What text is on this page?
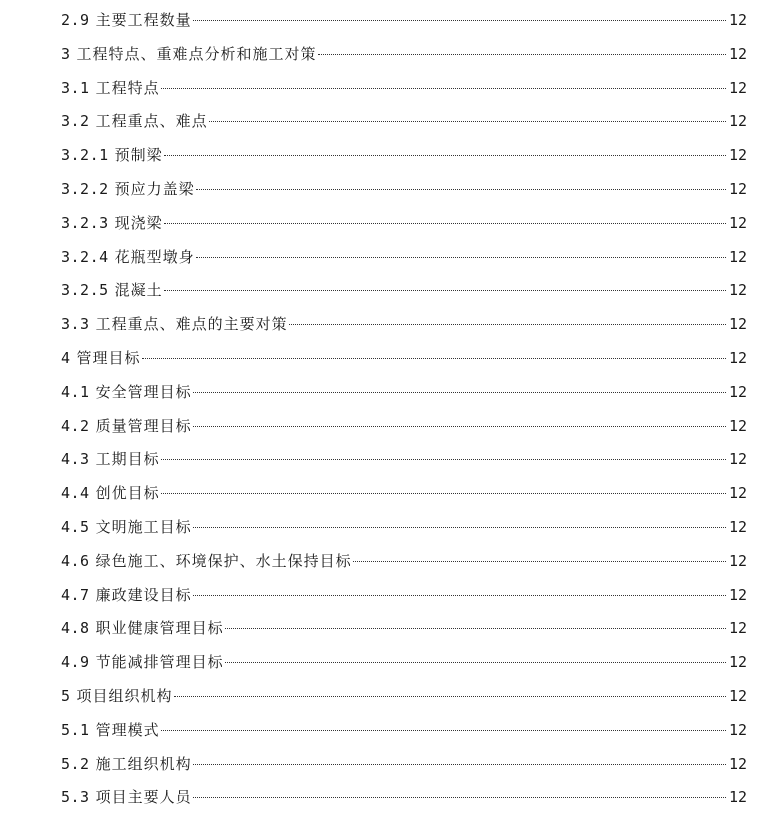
2.9 主要工程数量	12
3 工程特点、重难点分析和施工对策	12
3.1 工程特点	12
3.2 工程重点、难点	12
3.2.1 预制梁	12
3.2.2 预应力盖梁	12
3.2.3 现浇梁	12
3.2.4 花瓶型墩身	12
3.2.5 混凝土	12
3.3 工程重点、难点的主要对策	12
4 管理目标	12
4.1 安全管理目标	12
4.2 质量管理目标	12
4.3 工期目标	12
4.4 创优目标	12
4.5 文明施工目标	12
4.6 绿色施工、环境保护、水土保持目标	12
4.7 廉政建设目标	12
4.8 职业健康管理目标	12
4.9 节能减排管理目标	12
5 项目组织机构	12
5.1 管理模式	12
5.2 施工组织机构	12
5.3 项目主要人员	12
